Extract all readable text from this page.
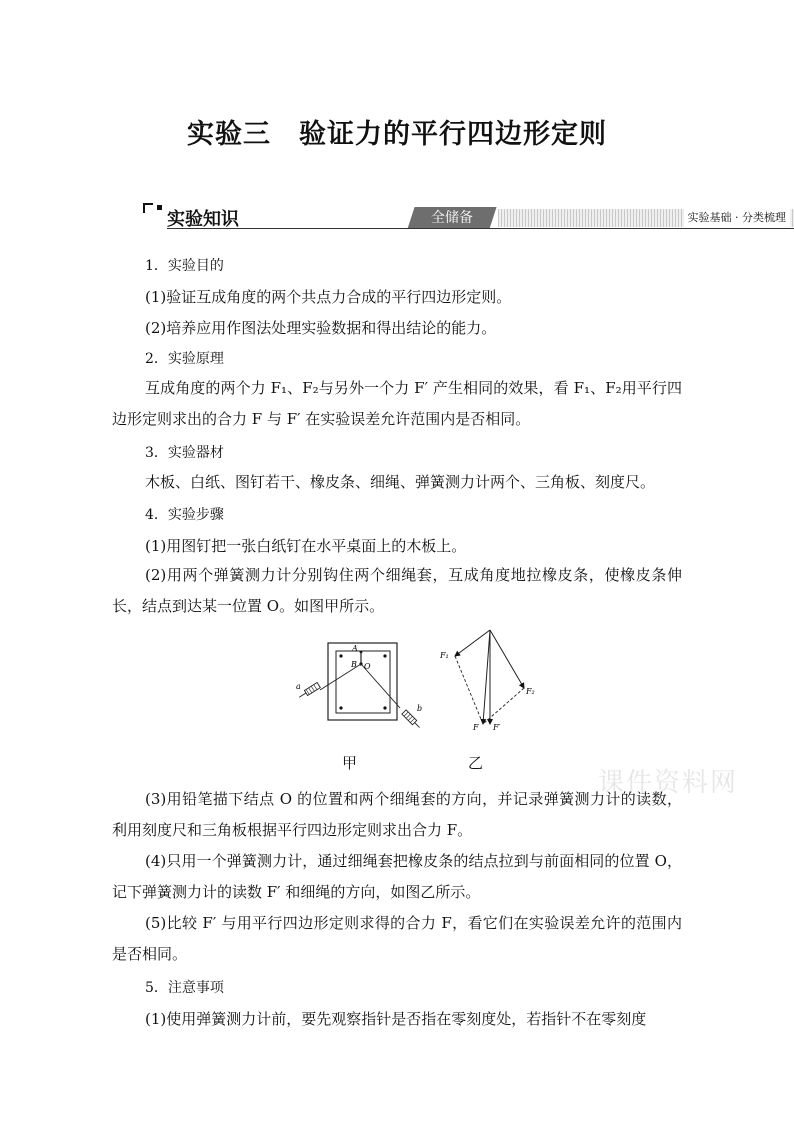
实验三　验证力的平行四边形定则
实验知识	全储备	实验基础 · 分类梳理
1．实验目的
(1)验证互成角度的两个共点力合成的平行四边形定则。
(2)培养应用作图法处理实验数据和得出结论的能力。
2．实验原理
互成角度的两个力 F₁、F₂与另外一个力 F′ 产生相同的效果，看 F₁、F₂用平行四边形定则求出的合力 F 与 F′ 在实验误差允许范围内是否相同。
3．实验器材
木板、白纸、图钉若干、橡皮条、细绳、弹簧测力计两个、三角板、刻度尺。
4．实验步骤
(1)用图钉把一张白纸钉在水平桌面上的木板上。
(2)用两个弹簧测力计分别钩住两个细绳套，互成角度地拉橡皮条，使橡皮条伸长，结点到达某一位置 O。如图甲所示。
A
B O
a
b
F₁
F₂
F F′
甲	乙
课件资料网
(3)用铅笔描下结点 O 的位置和两个细绳套的方向，并记录弹簧测力计的读数，利用刻度尺和三角板根据平行四边形定则求出合力 F。
(4)只用一个弹簧测力计，通过细绳套把橡皮条的结点拉到与前面相同的位置 O，记下弹簧测力计的读数 F′ 和细绳的方向，如图乙所示。
(5)比较 F′ 与用平行四边形定则求得的合力 F，看它们在实验误差允许的范围内是否相同。
5．注意事项
(1)使用弹簧测力计前，要先观察指针是否指在零刻度处，若指针不在零刻度
